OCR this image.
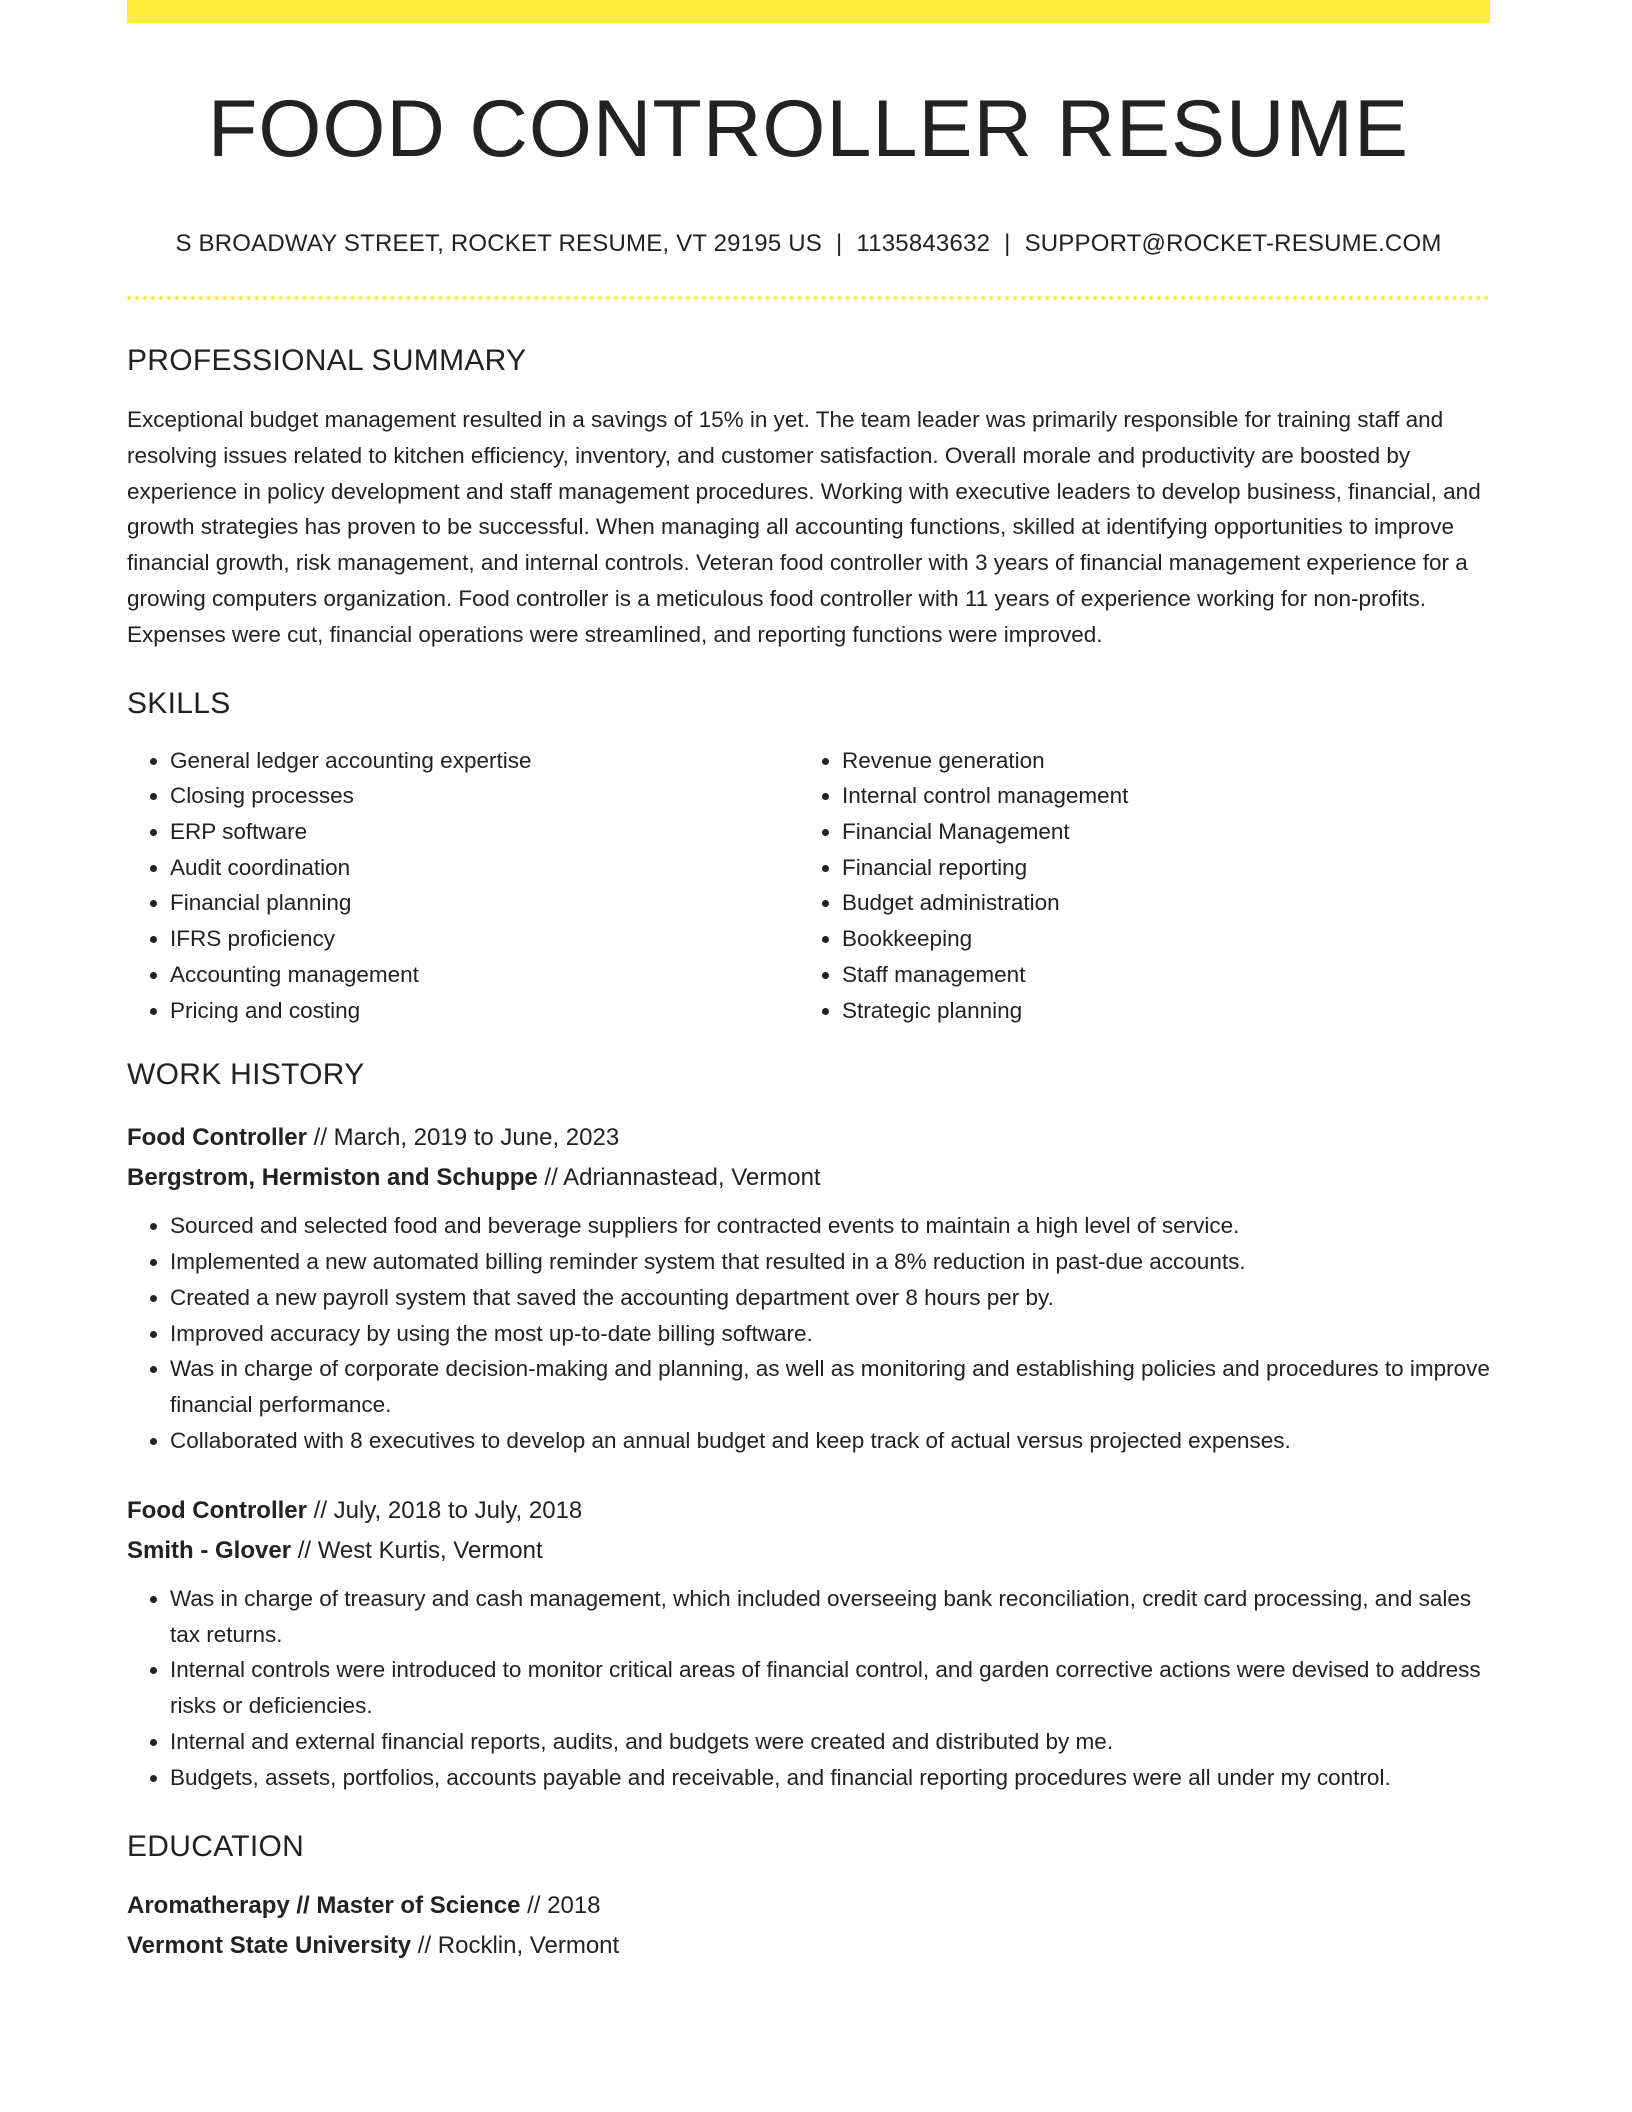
FOOD CONTROLLER RESUME
S BROADWAY STREET, ROCKET RESUME, VT 29195 US | 1135843632 | SUPPORT@ROCKET-RESUME.COM
PROFESSIONAL SUMMARY

Exceptional budget management resulted in a savings of 15% in yet. The team leader was primarily responsible for training staff and resolving issues related to kitchen efficiency, inventory, and customer satisfaction. Overall morale and productivity are boosted by experience in policy development and staff management procedures. Working with executive leaders to develop business, financial, and growth strategies has proven to be successful. When managing all accounting functions, skilled at identifying opportunities to improve financial growth, risk management, and internal controls. Veteran food controller with 3 years of financial management experience for a growing computers organization. Food controller is a meticulous food controller with 11 years of experience working for non-profits. Expenses were cut, financial operations were streamlined, and reporting functions were improved.

SKILLS
• General ledger accounting expertise
• Closing processes
• ERP software
• Audit coordination
• Financial planning
• IFRS proficiency
• Accounting management
• Pricing and costing
• Revenue generation
• Internal control management
• Financial Management
• Financial reporting
• Budget administration
• Bookkeeping
• Staff management
• Strategic planning
WORK HISTORY
Food Controller // March, 2019 to June, 2023
Bergstrom, Hermiston and Schuppe // Adriannastead, Vermont
• Sourced and selected food and beverage suppliers for contracted events to maintain a high level of service.
• Implemented a new automated billing reminder system that resulted in a 8% reduction in past-due accounts.
• Created a new payroll system that saved the accounting department over 8 hours per by.
• Improved accuracy by using the most up-to-date billing software.
• Was in charge of corporate decision-making and planning, as well as monitoring and establishing policies and procedures to improve financial performance.
• Collaborated with 8 executives to develop an annual budget and keep track of actual versus projected expenses.
Food Controller // July, 2018 to July, 2018
Smith - Glover // West Kurtis, Vermont
• Was in charge of treasury and cash management, which included overseeing bank reconciliation, credit card processing, and sales tax returns.
• Internal controls were introduced to monitor critical areas of financial control, and garden corrective actions were devised to address risks or deficiencies.
• Internal and external financial reports, audits, and budgets were created and distributed by me.
• Budgets, assets, portfolios, accounts payable and receivable, and financial reporting procedures were all under my control.
EDUCATION
Aromatherapy // Master of Science // 2018
Vermont State University // Rocklin, Vermont
